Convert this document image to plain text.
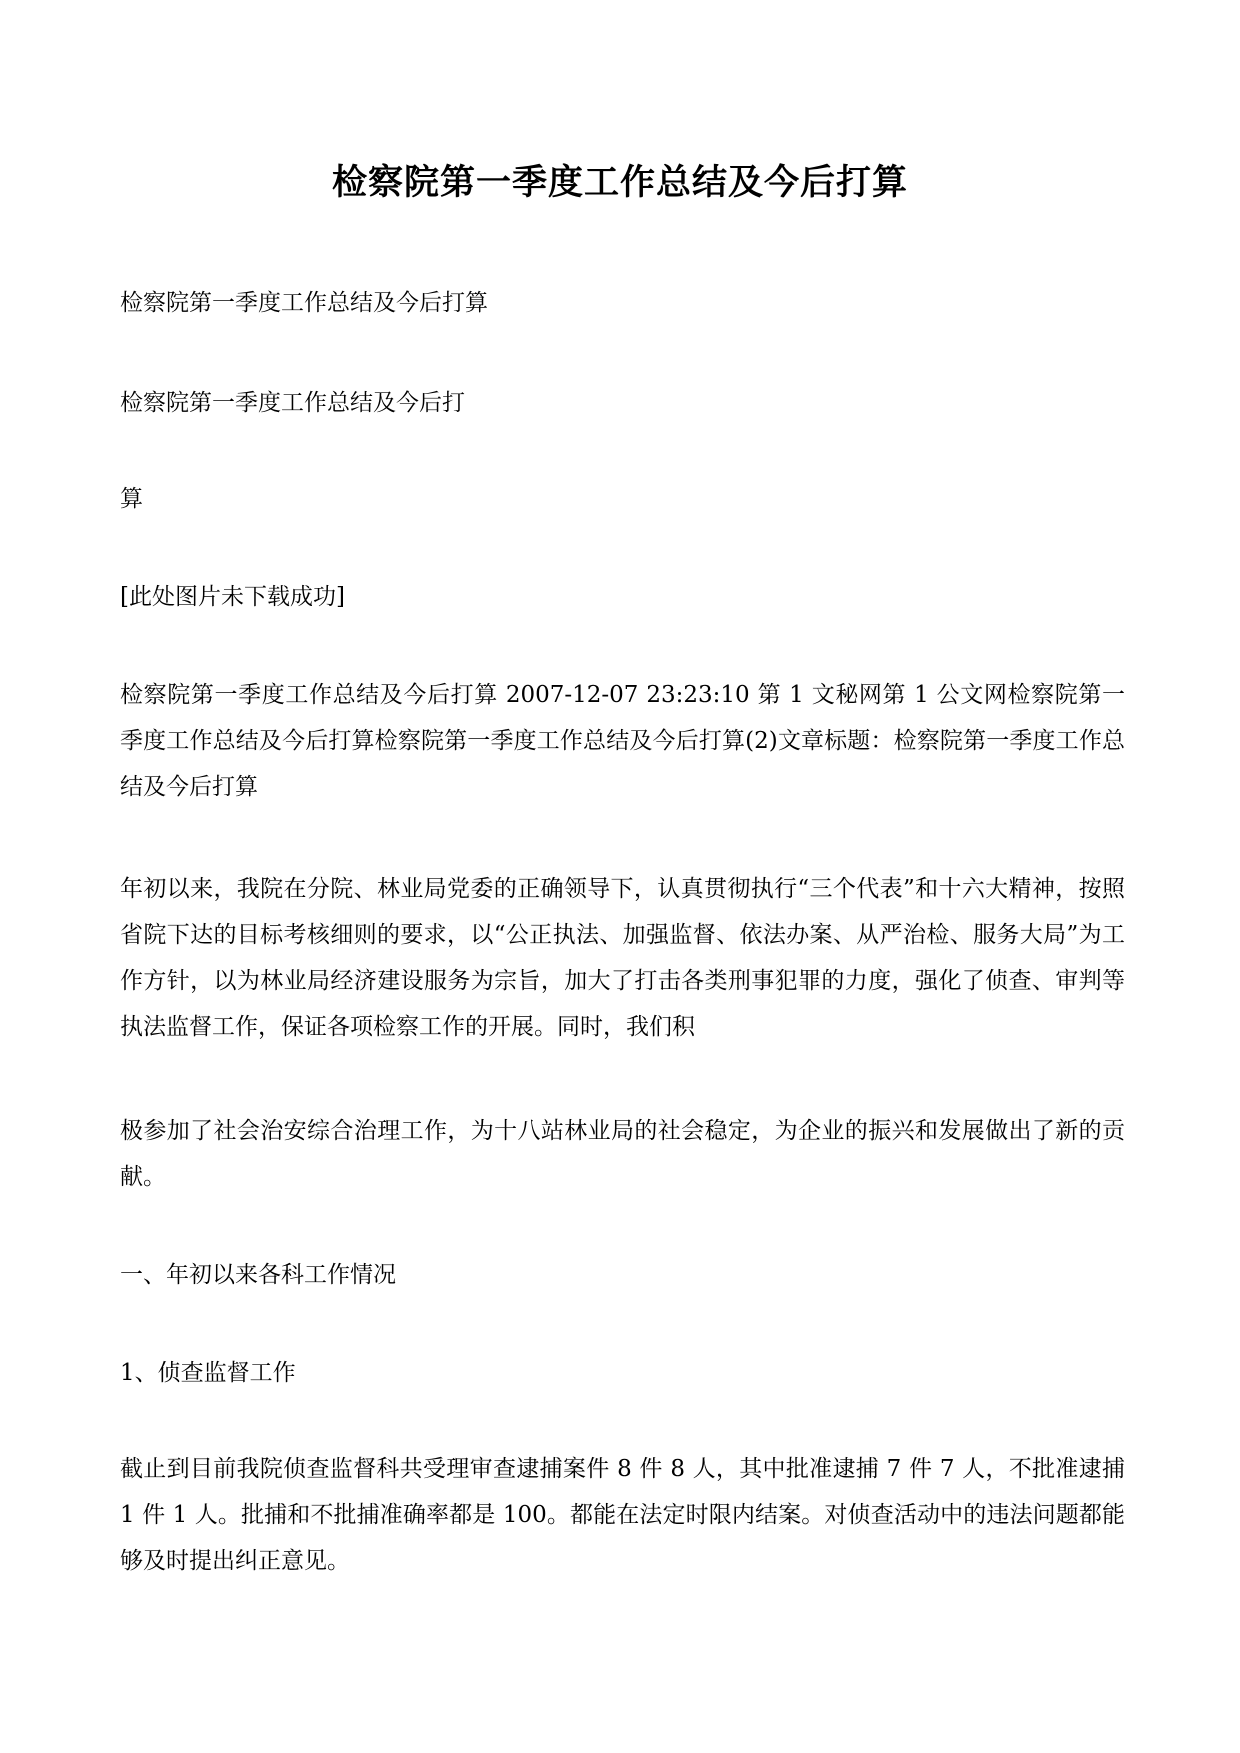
检察院第一季度工作总结及今后打算

检察院第一季度工作总结及今后打算

检察院第一季度工作总结及今后打

算

[此处图片未下载成功]

检察院第一季度工作总结及今后打算 2007-12-07 23:23:10 第 1 文秘网第 1 公文网检察院第一季度工作总结及今后打算检察院第一季度工作总结及今后打算(2)文章标题：检察院第一季度工作总结及今后打算

年初以来，我院在分院、林业局党委的正确领导下，认真贯彻执行“三个代表”和十六大精神，按照省院下达的目标考核细则的要求，以“公正执法、加强监督、依法办案、从严治检、服务大局”为工作方针，以为林业局经济建设服务为宗旨，加大了打击各类刑事犯罪的力度，强化了侦查、审判等执法监督工作，保证各项检察工作的开展。同时，我们积

极参加了社会治安综合治理工作，为十八站林业局的社会稳定，为企业的振兴和发展做出了新的贡献。

一、年初以来各科工作情况

1、侦查监督工作

截止到目前我院侦查监督科共受理审查逮捕案件 8 件 8 人，其中批准逮捕 7 件 7 人，不批准逮捕 1 件 1 人。批捕和不批捕准确率都是 100。都能在法定时限内结案。对侦查活动中的违法问题都能够及时提出纠正意见。
